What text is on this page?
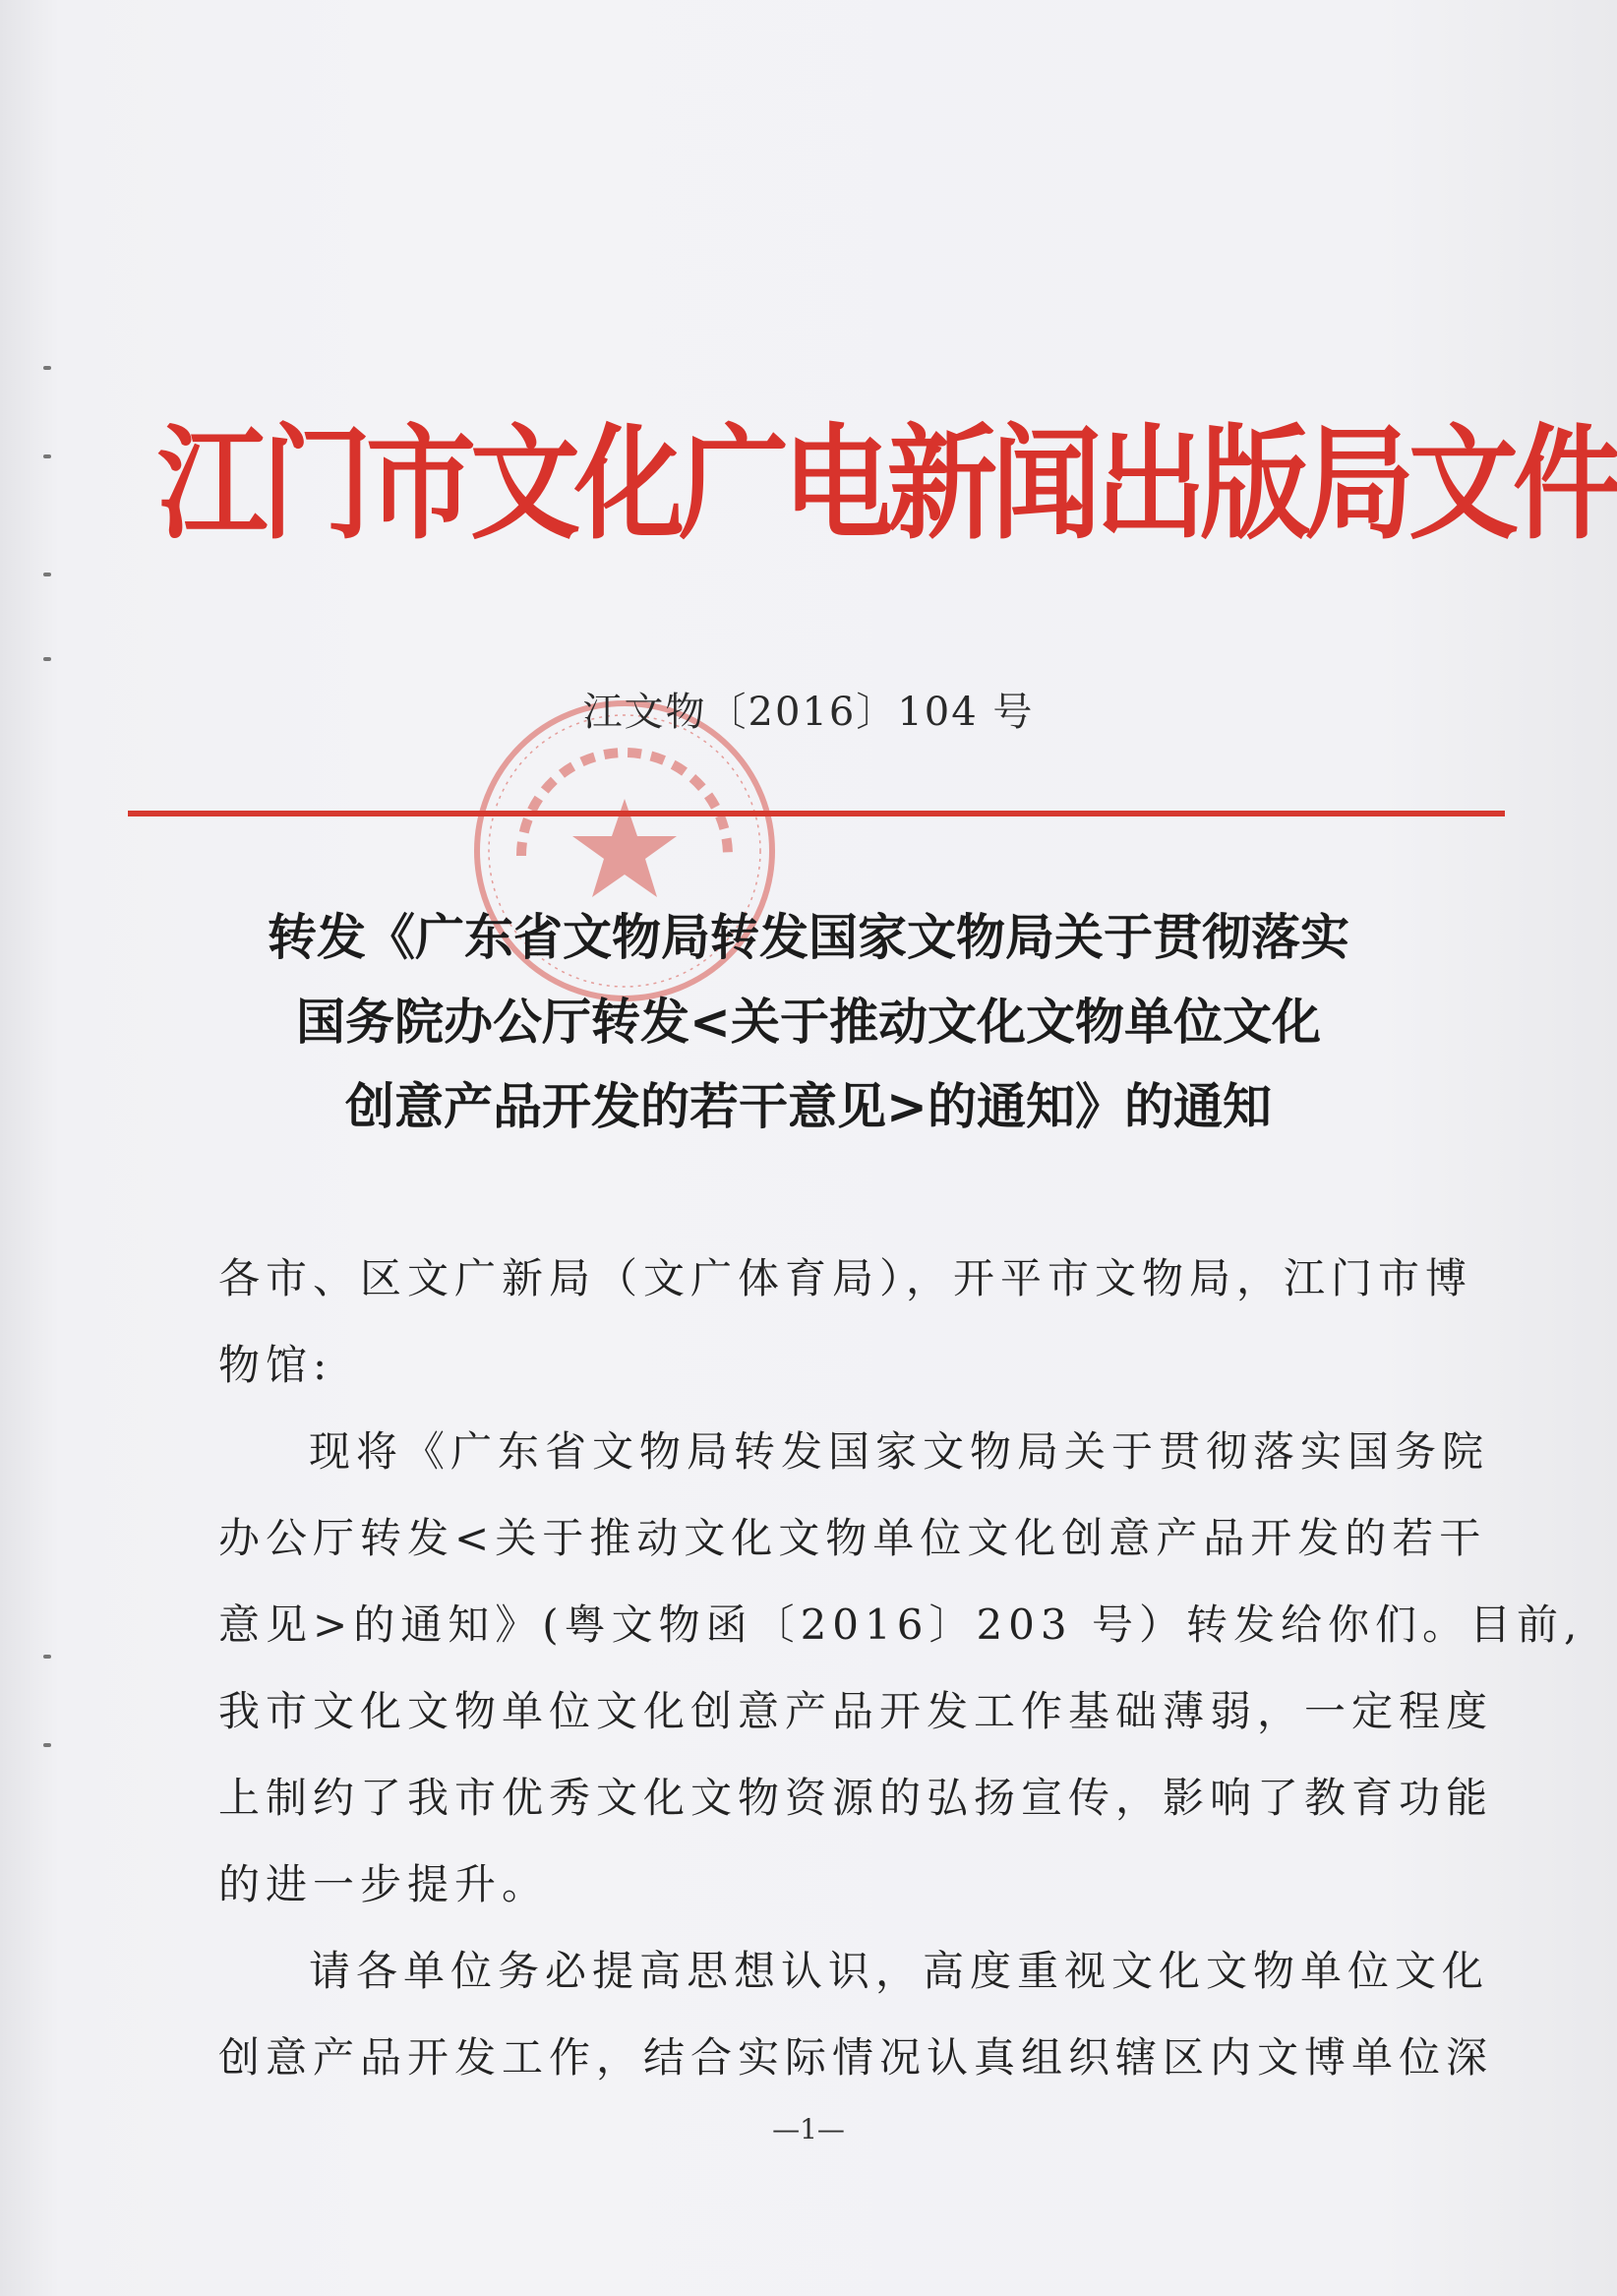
江门市文化广电新闻出版局文件
江文物〔2016〕104 号
转发《广东省文物局转发国家文物局关于贯彻落实
国务院办公厅转发<关于推动文化文物单位文化
创意产品开发的若干意见>的通知》的通知
各市、区文广新局（文广体育局），开平市文物局，江门市博
物馆:
现将《广东省文物局转发国家文物局关于贯彻落实国务院
办公厅转发<关于推动文化文物单位文化创意产品开发的若干
意见>的通知》(粤文物函〔2016〕203 号）转发给你们。目前,
我市文化文物单位文化创意产品开发工作基础薄弱，一定程度
上制约了我市优秀文化文物资源的弘扬宣传，影响了教育功能
的进一步提升。
请各单位务必提高思想认识，高度重视文化文物单位文化
创意产品开发工作，结合实际情况认真组织辖区内文博单位深
—1—
